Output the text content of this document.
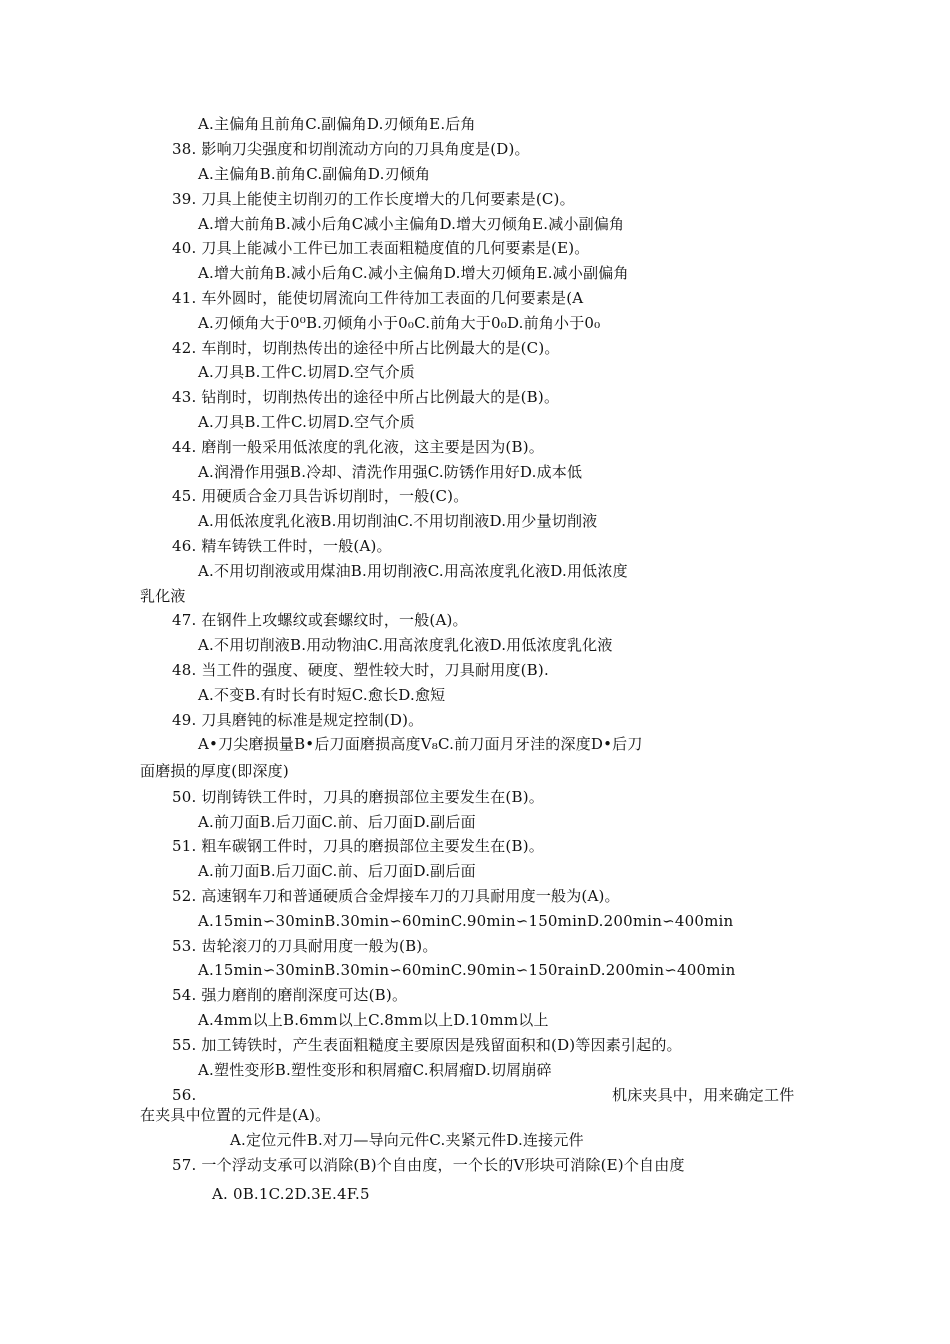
A.主偏角且前角C.副偏角D.刃倾角E.后角
38. 影响刀尖强度和切削流动方向的刀具角度是(D)。
A.主偏角B.前角C.副偏角D.刃倾角
39. 刀具上能使主切削刃的工作长度增大的几何要素是(C)。
A.增大前角B.减小后角C减小主偏角D.增大刃倾角E.减小副偏角
40. 刀具上能减小工件已加工表面粗糙度值的几何要素是(E)。
A.增大前角B.减小后角C.减小主偏角D.增大刃倾角E.减小副偏角
41. 车外圆时，能使切屑流向工件待加工表面的几何要素是(A
A.刃倾角大于0⁰B.刃倾角小于0₀C.前角大于0₀D.前角小于0₀
42. 车削时，切削热传出的途径中所占比例最大的是(C)。
A.刀具B.工件C.切屑D.空气介质
43. 钻削时，切削热传出的途径中所占比例最大的是(B)。
A.刀具B.工件C.切屑D.空气介质
44. 磨削一般采用低浓度的乳化液，这主要是因为(B)。
A.润滑作用强B.冷却、清洗作用强C.防锈作用好D.成本低
45. 用硬质合金刀具告诉切削时，一般(C)。
A.用低浓度乳化液B.用切削油C.不用切削液D.用少量切削液
46. 精车铸铁工件时，一般(A)。
A.不用切削液或用煤油B.用切削液C.用高浓度乳化液D.用低浓度
乳化液
47. 在钢件上攻螺纹或套螺纹时，一般(A)。
A.不用切削液B.用动物油C.用高浓度乳化液D.用低浓度乳化液
48. 当工件的强度、硬度、塑性较大时，刀具耐用度(B).
A.不变B.有时长有时短C.愈长D.愈短
49. 刀具磨钝的标准是规定控制(D)。
A•刀尖磨损量B•后刀面磨损高度V₈C.前刀面月牙洼的深度D•后刀
面磨损的厚度(即深度)
50. 切削铸铁工件时，刀具的磨损部位主要发生在(B)。
A.前刀面B.后刀面C.前、后刀面D.副后面
51. 粗车碳钢工件时，刀具的磨损部位主要发生在(B)。
A.前刀面B.后刀面C.前、后刀面D.副后面
52. 高速钢车刀和普通硬质合金焊接车刀的刀具耐用度一般为(A)。
A.15min∽30minB.30min∽60minC.90min∽150minD.200min∽400min
53. 齿轮滚刀的刀具耐用度一般为(B)。
A.15min∽30minB.30min∽60minC.90min∽150rainD.200min∽400min
54. 强力磨削的磨削深度可达(B)。
A.4mm以上B.6mm以上C.8mm以上D.10mm以上
55. 加工铸铁时，产生表面粗糙度主要原因是残留面积和(D)等因素引起的。
A.塑性变形B.塑性变形和积屑瘤C.积屑瘤D.切屑崩碎
56.	机床夹具中，用来确定工件
在夹具中位置的元件是(A)。
A.定位元件B.对刀—导向元件C.夹紧元件D.连接元件
57. 一个浮动支承可以消除(B)个自由度，一个长的V形块可消除(E)个自由度
A. 0B.1C.2D.3E.4F.5
